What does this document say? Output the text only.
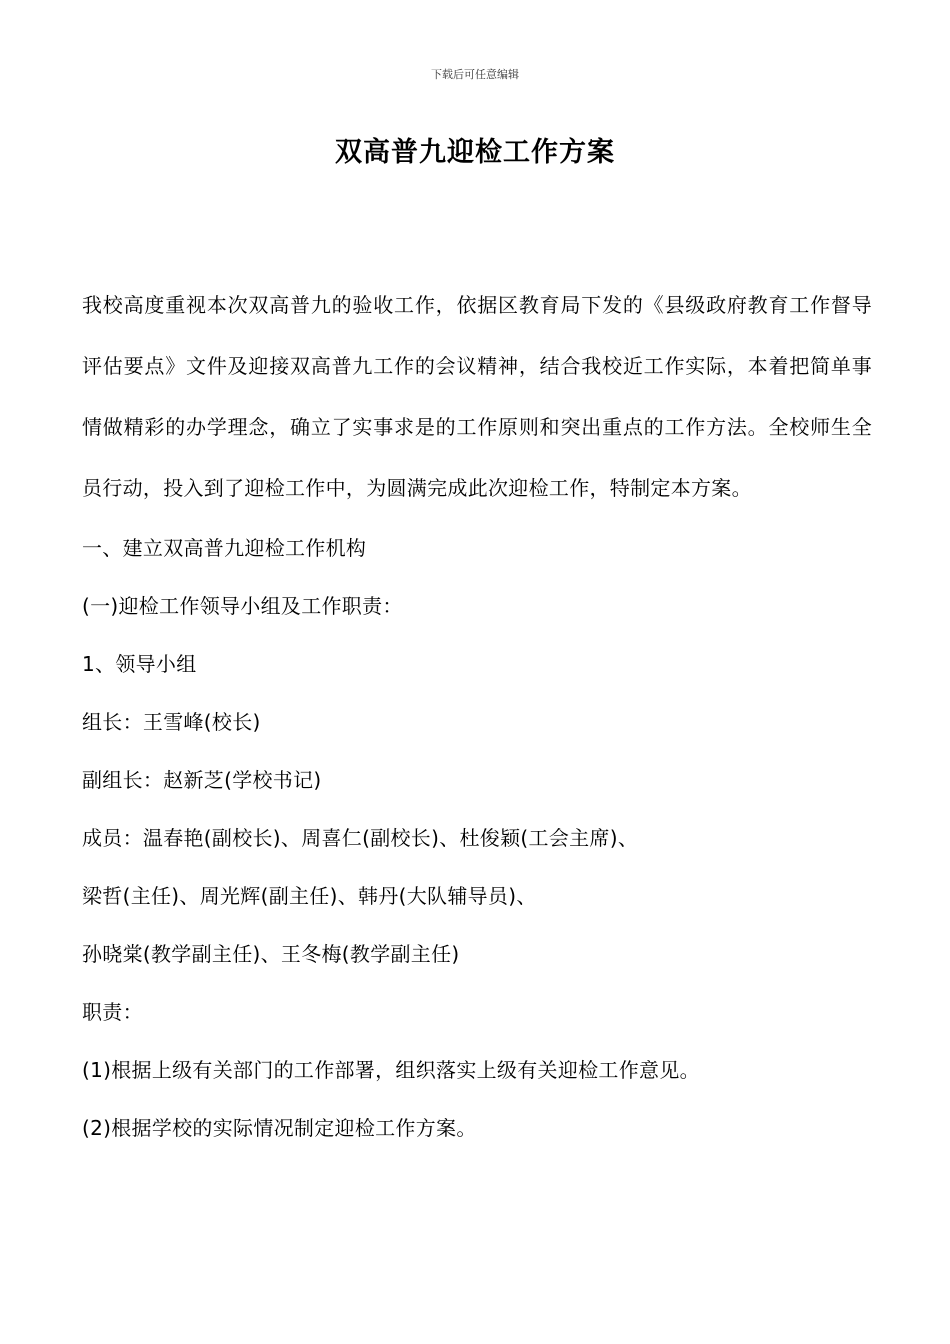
下载后可任意编辑
双高普九迎检工作方案

我校高度重视本次双高普九的验收工作，依据区教育局下发的《县级政府教育工作督导评估要点》文件及迎接双高普九工作的会议精神，结合我校近工作实际，本着把简单事情做精彩的办学理念，确立了实事求是的工作原则和突出重点的工作方法。全校师生全员行动，投入到了迎检工作中，为圆满完成此次迎检工作，特制定本方案。

一、建立双高普九迎检工作机构

(一)迎检工作领导小组及工作职责：

1、领导小组

组长：王雪峰(校长)

副组长：赵新芝(学校书记)

成员：温春艳(副校长)、周喜仁(副校长)、杜俊颖(工会主席)、

梁哲(主任)、周光辉(副主任)、韩丹(大队辅导员)、

孙晓棠(教学副主任)、王冬梅(教学副主任)

职责：

(1)根据上级有关部门的工作部署，组织落实上级有关迎检工作意见。

(2)根据学校的实际情况制定迎检工作方案。
